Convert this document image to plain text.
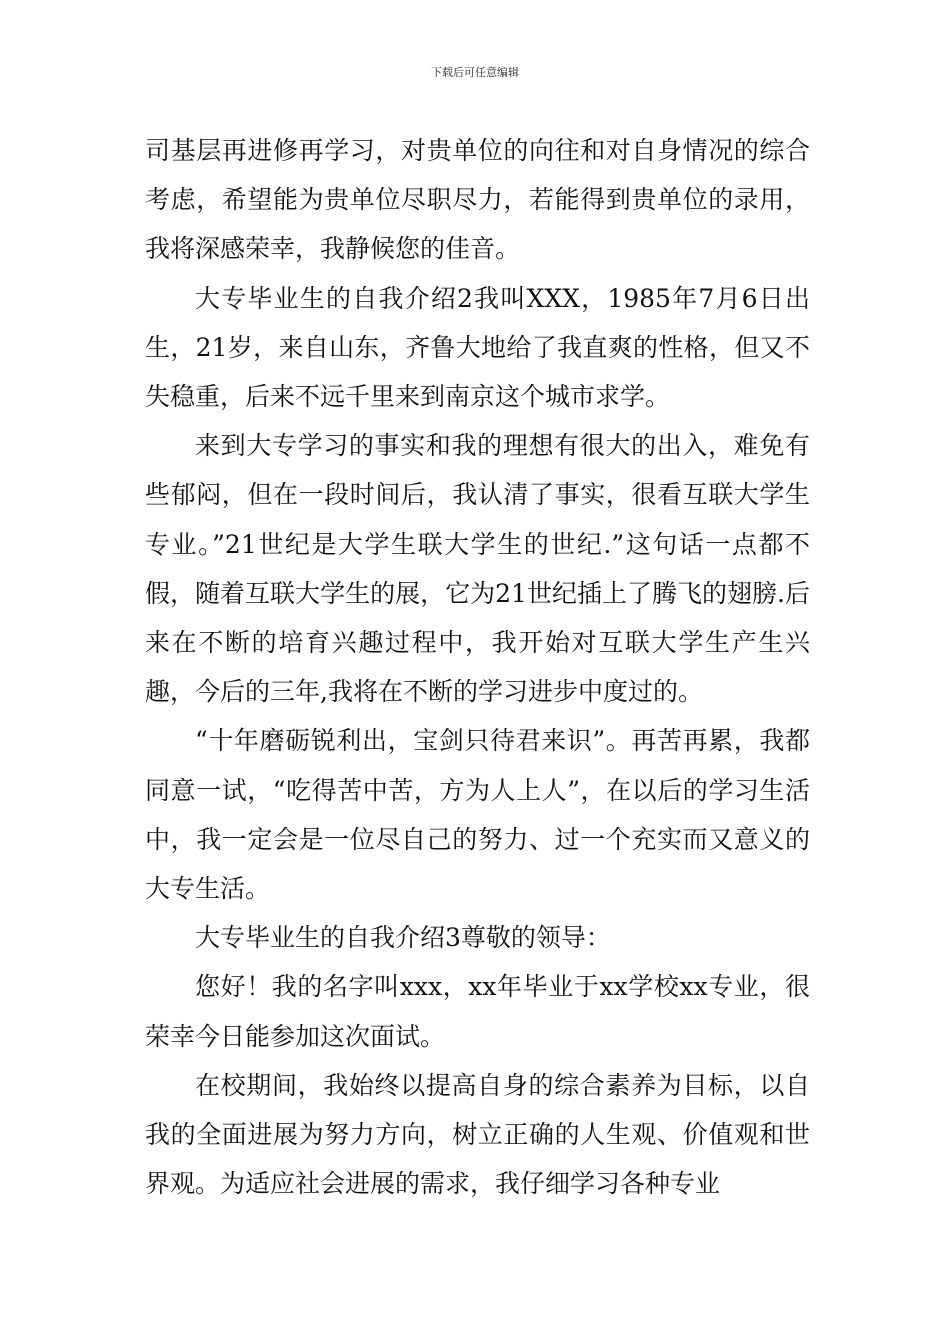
下载后可任意编辑

司基层再进修再学习，对贵单位的向往和对自身情况的综合考虑，希望能为贵单位尽职尽力，若能得到贵单位的录用，我将深感荣幸，我静候您的佳音。

大专毕业生的自我介绍2我叫XXX，1985年7月6日出生，21岁，来自山东，齐鲁大地给了我直爽的性格，但又不失稳重，后来不远千里来到南京这个城市求学。

来到大专学习的事实和我的理想有很大的出入，难免有些郁闷，但在一段时间后，我认清了事实，很看互联大学生专业。”21世纪是大学生联大学生的世纪.”这句话一点都不假，随着互联大学生的展，它为21世纪插上了腾飞的翅膀.后来在不断的培育兴趣过程中，我开始对互联大学生产生兴趣，今后的三年,我将在不断的学习进步中度过的。

“十年磨砺锐利出，宝剑只待君来识”。再苦再累，我都同意一试，“吃得苦中苦，方为人上人”，在以后的学习生活中，我一定会是一位尽自己的努力、过一个充实而又意义的大专生活。

大专毕业生的自我介绍3尊敬的领导：

您好！我的名字叫xxx，xx年毕业于xx学校xx专业，很荣幸今日能参加这次面试。

在校期间，我始终以提高自身的综合素养为目标，以自我的全面进展为努力方向，树立正确的人生观、价值观和世界观。为适应社会进展的需求，我仔细学习各种专业
